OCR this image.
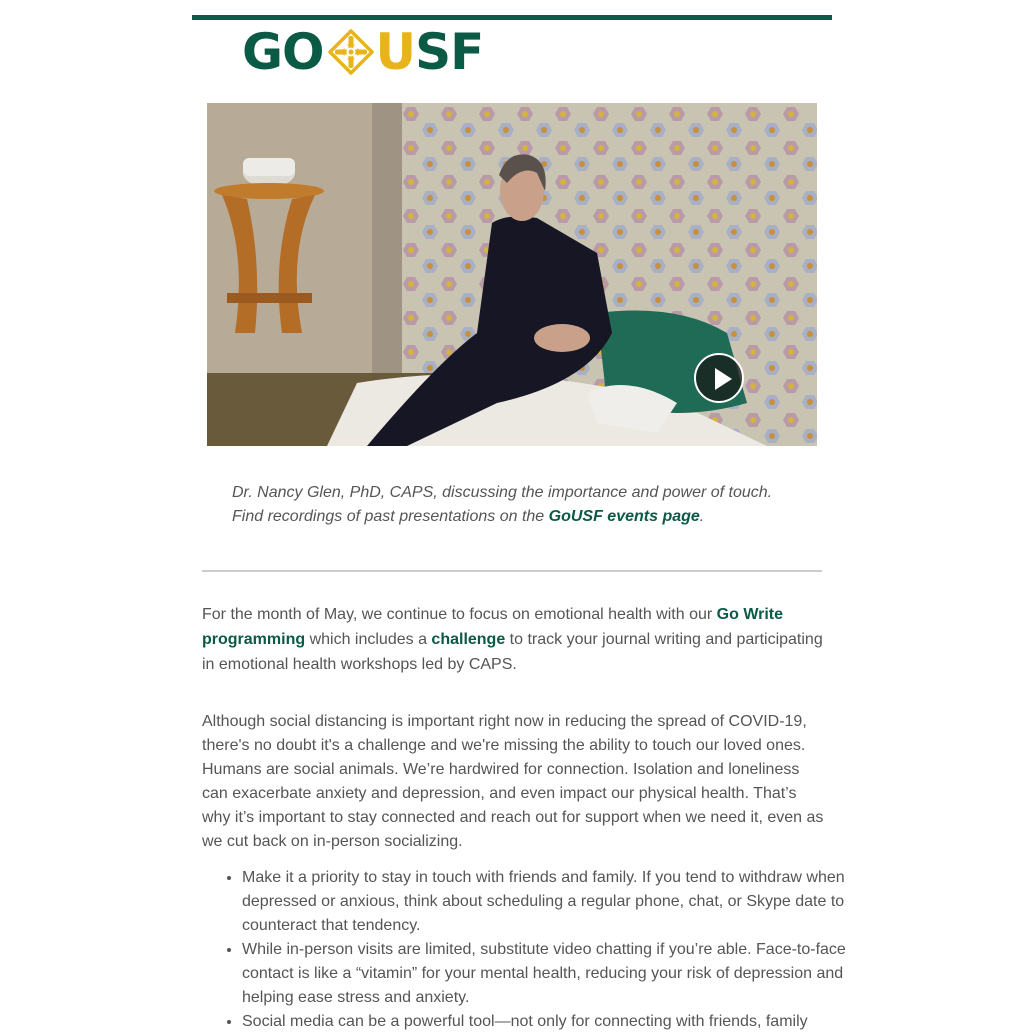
GO U SF
Dr. Nancy Glen, PhD, CAPS, discussing the importance and power of touch.
Find recordings of past presentations on the GoUSF events page.
For the month of May, we continue to focus on emotional health with our Go Write programming which includes a challenge to track your journal writing and participating in emotional health workshops led by CAPS.
Although social distancing is important right now in reducing the spread of COVID-19, there's no doubt it's a challenge and we're missing the ability to touch our loved ones. Humans are social animals. We’re hardwired for connection. Isolation and loneliness can exacerbate anxiety and depression, and even impact our physical health. That’s why it’s important to stay connected and reach out for support when we need it, even as we cut back on in-person socializing.
• Make it a priority to stay in touch with friends and family. If you tend to withdraw when depressed or anxious, think about scheduling a regular phone, chat, or Skype date to counteract that tendency.
• While in-person visits are limited, substitute video chatting if you’re able. Face-to-face contact is like a “vitamin” for your mental health, reducing your risk of depression and helping ease stress and anxiety.
• Social media can be a powerful tool—not only for connecting with friends, family
